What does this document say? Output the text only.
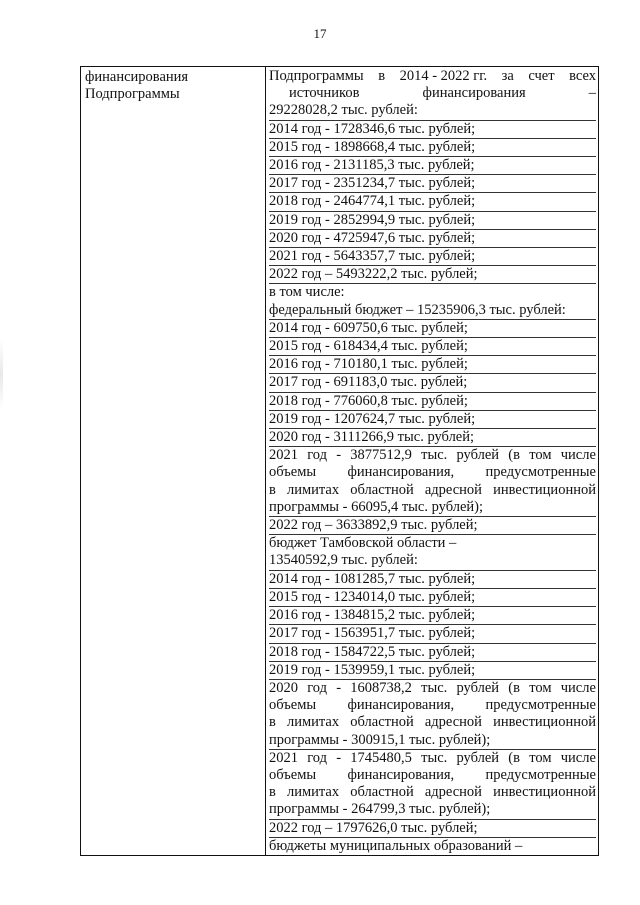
17
финансирования
Подпрограммы

Подпрограммы в 2014 - 2022 гг. за счет всех
источников	финансирования	–
29228028,2 тыс. рублей:
2014 год - 1728346,6 тыс. рублей;
2015 год - 1898668,4 тыс. рублей;
2016 год - 2131185,3 тыс. рублей;
2017 год - 2351234,7 тыс. рублей;
2018 год - 2464774,1 тыс. рублей;
2019 год - 2852994,9 тыс. рублей;
2020 год - 4725947,6 тыс. рублей;
2021 год - 5643357,7 тыс. рублей;
2022 год – 5493222,2 тыс. рублей;
в том числе:
федеральный бюджет – 15235906,3 тыс. рублей:
2014 год - 609750,6 тыс. рублей;
2015 год - 618434,4 тыс. рублей;
2016 год - 710180,1 тыс. рублей;
2017 год - 691183,0 тыс. рублей;
2018 год - 776060,8 тыс. рублей;
2019 год - 1207624,7 тыс. рублей;
2020 год - 3111266,9 тыс. рублей;
2021 год - 3877512,9 тыс. рублей (в том числе
объемы финансирования, предусмотренные
в лимитах областной адресной инвестиционной
программы - 66095,4 тыс. рублей);
2022 год – 3633892,9 тыс. рублей;
бюджет Тамбовской области –
13540592,9 тыс. рублей:
2014 год - 1081285,7 тыс. рублей;
2015 год - 1234014,0 тыс. рублей;
2016 год - 1384815,2 тыс. рублей;
2017 год - 1563951,7 тыс. рублей;
2018 год - 1584722,5 тыс. рублей;
2019 год - 1539959,1 тыс. рублей;
2020 год - 1608738,2 тыс. рублей (в том числе
объемы финансирования, предусмотренные
в лимитах областной адресной инвестиционной
программы - 300915,1 тыс. рублей);
2021 год - 1745480,5 тыс. рублей (в том числе
объемы финансирования, предусмотренные
в лимитах областной адресной инвестиционной
программы - 264799,3 тыс. рублей);
2022 год – 1797626,0 тыс. рублей;
бюджеты муниципальных образований –
